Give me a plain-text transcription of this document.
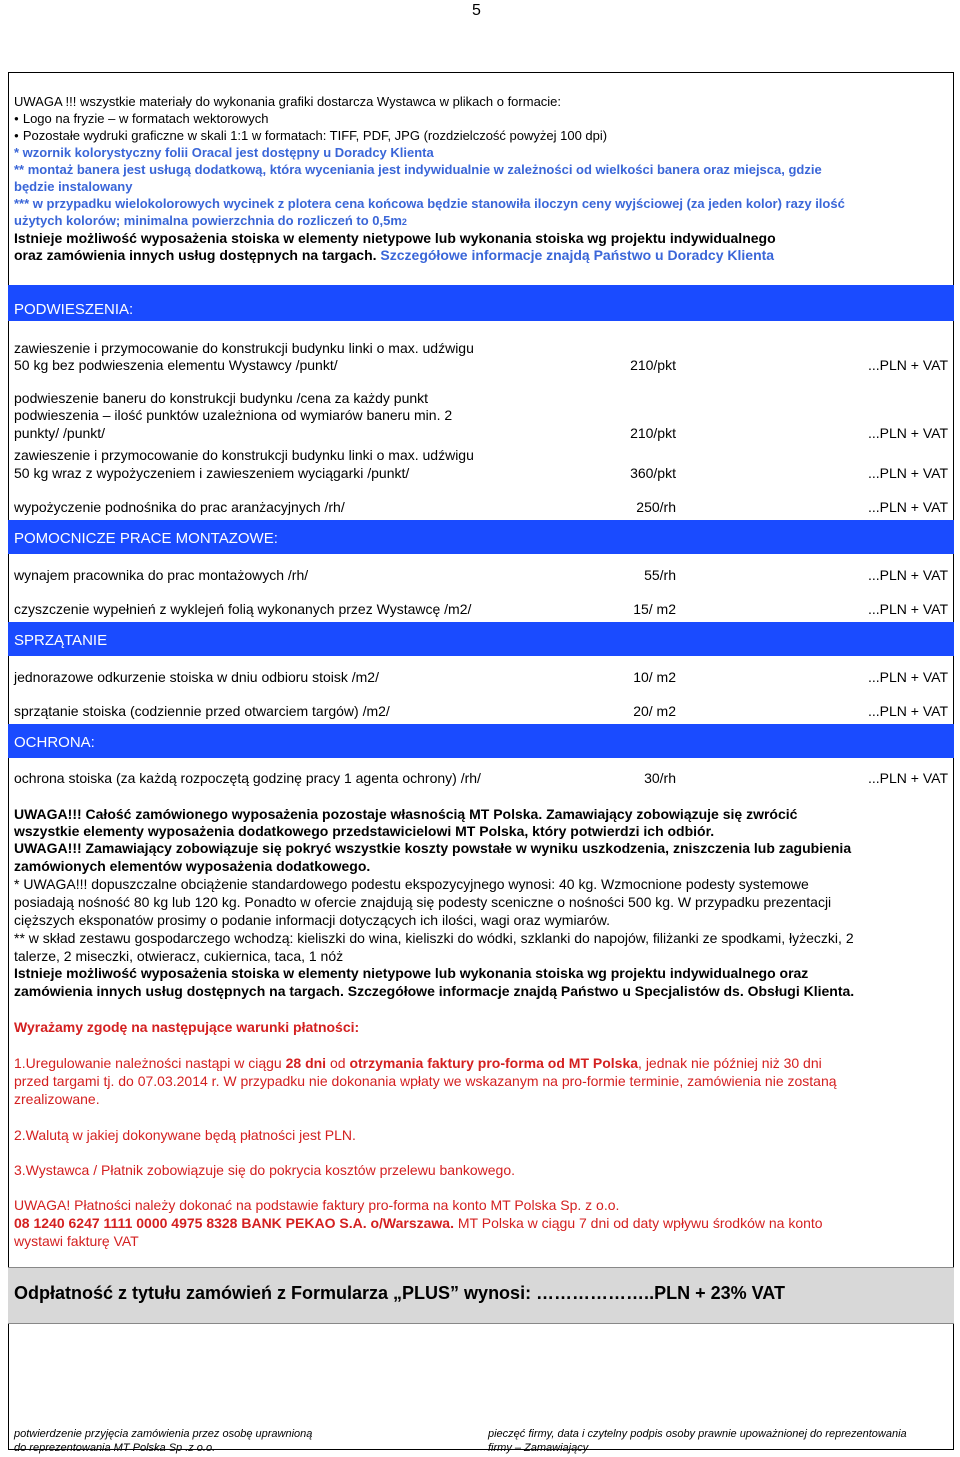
5
UWAGA !!! wszystkie materiały do wykonania grafiki dostarcza Wystawca w plikach o formacie:
● Logo na fryzie – w formatach wektorowych
● Pozostałe wydruki graficzne w skali 1:1 w formatach: TIFF, PDF, JPG (rozdzielczość powyżej 100 dpi)
* wzornik kolorystyczny folii Oracal jest dostępny u Doradcy Klienta
** montaż banera jest usługą dodatkową, która wyceniania jest indywidualnie w zależności od wielkości banera oraz miejsca, gdzie
będzie instalowany
*** w przypadku wielokolorowych wycinek z plotera cena końcowa będzie stanowiła iloczyn ceny wyjściowej (za jeden kolor) razy ilość
użytych kolorów; minimalna powierzchnia do rozliczeń to 0,5m2
Istnieje możliwość wyposażenia stoiska w elementy nietypowe lub wykonania stoiska wg projektu indywidualnego
oraz zamówienia innych usług dostępnych na targach. Szczegółowe informacje znajdą Państwo u Doradcy Klienta
PODWIESZENIA:
zawieszenie i przymocowanie do konstrukcji budynku linki o max. udźwigu
50 kg bez podwieszenia elementu Wystawcy /punkt/	210/pkt	...PLN + VAT
podwieszenie baneru do konstrukcji budynku /cena za każdy punkt
podwieszenia – ilość punktów uzależniona od wymiarów baneru min. 2
punkty/ /punkt/	210/pkt	...PLN + VAT
zawieszenie i przymocowanie do konstrukcji budynku linki o max. udźwigu
50 kg wraz z wypożyczeniem i zawieszeniem wyciągarki /punkt/	360/pkt	...PLN + VAT
wypożyczenie podnośnika do prac aranżacyjnych /rh/	250/rh	...PLN + VAT
POMOCNICZE PRACE MONTAZOWE:
wynajem pracownika do prac montażowych /rh/	55/rh	...PLN + VAT
czyszczenie wypełnień z wyklejeń folią wykonanych przez Wystawcę /m2/	15/ m2	...PLN + VAT
SPRZĄTANIE
jednorazowe odkurzenie stoiska w dniu odbioru stoisk /m2/	10/ m2	...PLN + VAT
sprzątanie stoiska (codziennie przed otwarciem targów) /m2/	20/ m2	...PLN + VAT
OCHRONA:
ochrona stoiska (za każdą rozpoczętą godzinę pracy 1 agenta ochrony) /rh/	30/rh	...PLN + VAT
UWAGA!!! Całość zamówionego wyposażenia pozostaje własnością MT Polska. Zamawiający zobowiązuje się zwrócić
wszystkie elementy wyposażenia dodatkowego przedstawicielowi MT Polska, który potwierdzi ich odbiór.
UWAGA!!! Zamawiający zobowiązuje się pokryć wszystkie koszty powstałe w wyniku uszkodzenia, zniszczenia lub zagubienia
zamówionych elementów wyposażenia dodatkowego.
* UWAGA!!! dopuszczalne obciążenie standardowego podestu ekspozycyjnego wynosi: 40 kg. Wzmocnione podesty systemowe
posiadają nośność 80 kg lub 120 kg. Ponadto w ofercie znajdują się podesty sceniczne o nośności 500 kg. W przypadku prezentacji
cięższych eksponatów prosimy o podanie informacji dotyczących ich ilości, wagi oraz wymiarów.
** w skład zestawu gospodarczego wchodzą: kieliszki do wina, kieliszki do wódki, szklanki do napojów, filiżanki ze spodkami, łyżeczki, 2
talerze, 2 miseczki, otwieracz, cukiernica, taca, 1 nóż
Istnieje możliwość wyposażenia stoiska w elementy nietypowe lub wykonania stoiska wg projektu indywidualnego oraz
zamówienia innych usług dostępnych na targach. Szczegółowe informacje znajdą Państwo u Specjalistów ds. Obsługi Klienta.
Wyrażamy zgodę na następujące warunki płatności:
1.Uregulowanie należności nastąpi w ciągu 28 dni od otrzymania faktury pro-forma od MT Polska, jednak nie później niż 30 dni
przed targami tj. do 07.03.2014 r. W przypadku nie dokonania wpłaty we wskazanym na pro-formie terminie, zamówienia nie zostaną
zrealizowane.
2.Walutą w jakiej dokonywane będą płatności jest PLN.
3.Wystawca / Płatnik zobowiązuje się do pokrycia kosztów przelewu bankowego.
UWAGA! Płatności należy dokonać na podstawie faktury pro-forma na konto MT Polska Sp. z o.o.
08 1240 6247 1111 0000 4975 8328 BANK PEKAO S.A. o/Warszawa. MT Polska w ciągu 7 dni od daty wpływu środków na konto
wystawi fakturę VAT
Odpłatność z tytułu zamówień z Formularza „PLUS” wynosi: ………………..PLN + 23% VAT
potwierdzenie przyjęcia zamówienia przez osobę uprawnioną
do reprezentowania MT Polska Sp .z o.o.
pieczęć firmy, data i czytelny podpis osoby prawnie upoważnionej do reprezentowania
firmy – Zamawiający
